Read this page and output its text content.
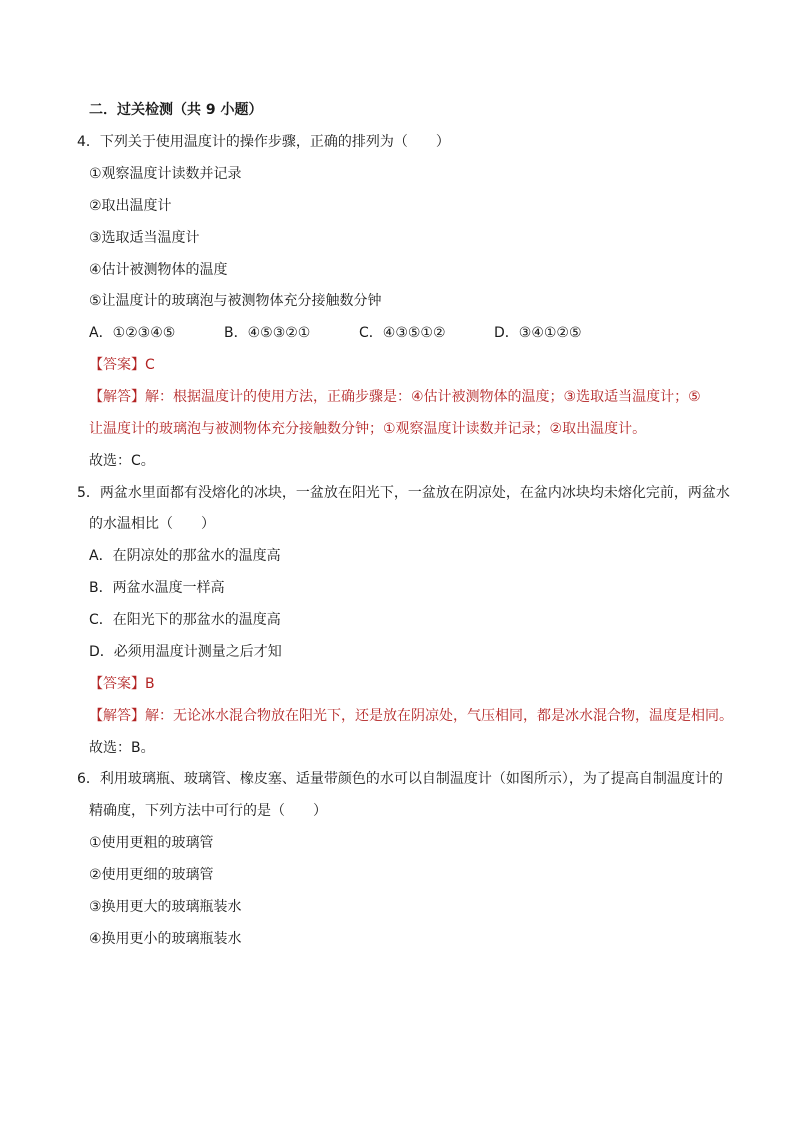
二．过关检测（共 9 小题）
4．下列关于使用温度计的操作步骤，正确的排列为（　　）
①观察温度计读数并记录
②取出温度计
③选取适当温度计
④估计被测物体的温度
⑤让温度计的玻璃泡与被测物体充分接触数分钟
A．①②③④⑤	B．④⑤③②①	C．④③⑤①②	D．③④①②⑤
【答案】C
【解答】解：根据温度计的使用方法，正确步骤是：④估计被测物体的温度；③选取适当温度计；⑤
让温度计的玻璃泡与被测物体充分接触数分钟；①观察温度计读数并记录；②取出温度计。
故选：C。
5．两盆水里面都有没熔化的冰块，一盆放在阳光下，一盆放在阴凉处，在盆内冰块均未熔化完前，两盆水
的水温相比（　　）
A．在阴凉处的那盆水的温度高
B．两盆水温度一样高
C．在阳光下的那盆水的温度高
D．必须用温度计测量之后才知
【答案】B
【解答】解：无论冰水混合物放在阳光下，还是放在阴凉处，气压相同，都是冰水混合物，温度是相同。
故选：B。
6．利用玻璃瓶、玻璃管、橡皮塞、适量带颜色的水可以自制温度计（如图所示），为了提高自制温度计的
精确度，下列方法中可行的是（　　）
①使用更粗的玻璃管
②使用更细的玻璃管
③换用更大的玻璃瓶装水
④换用更小的玻璃瓶装水
